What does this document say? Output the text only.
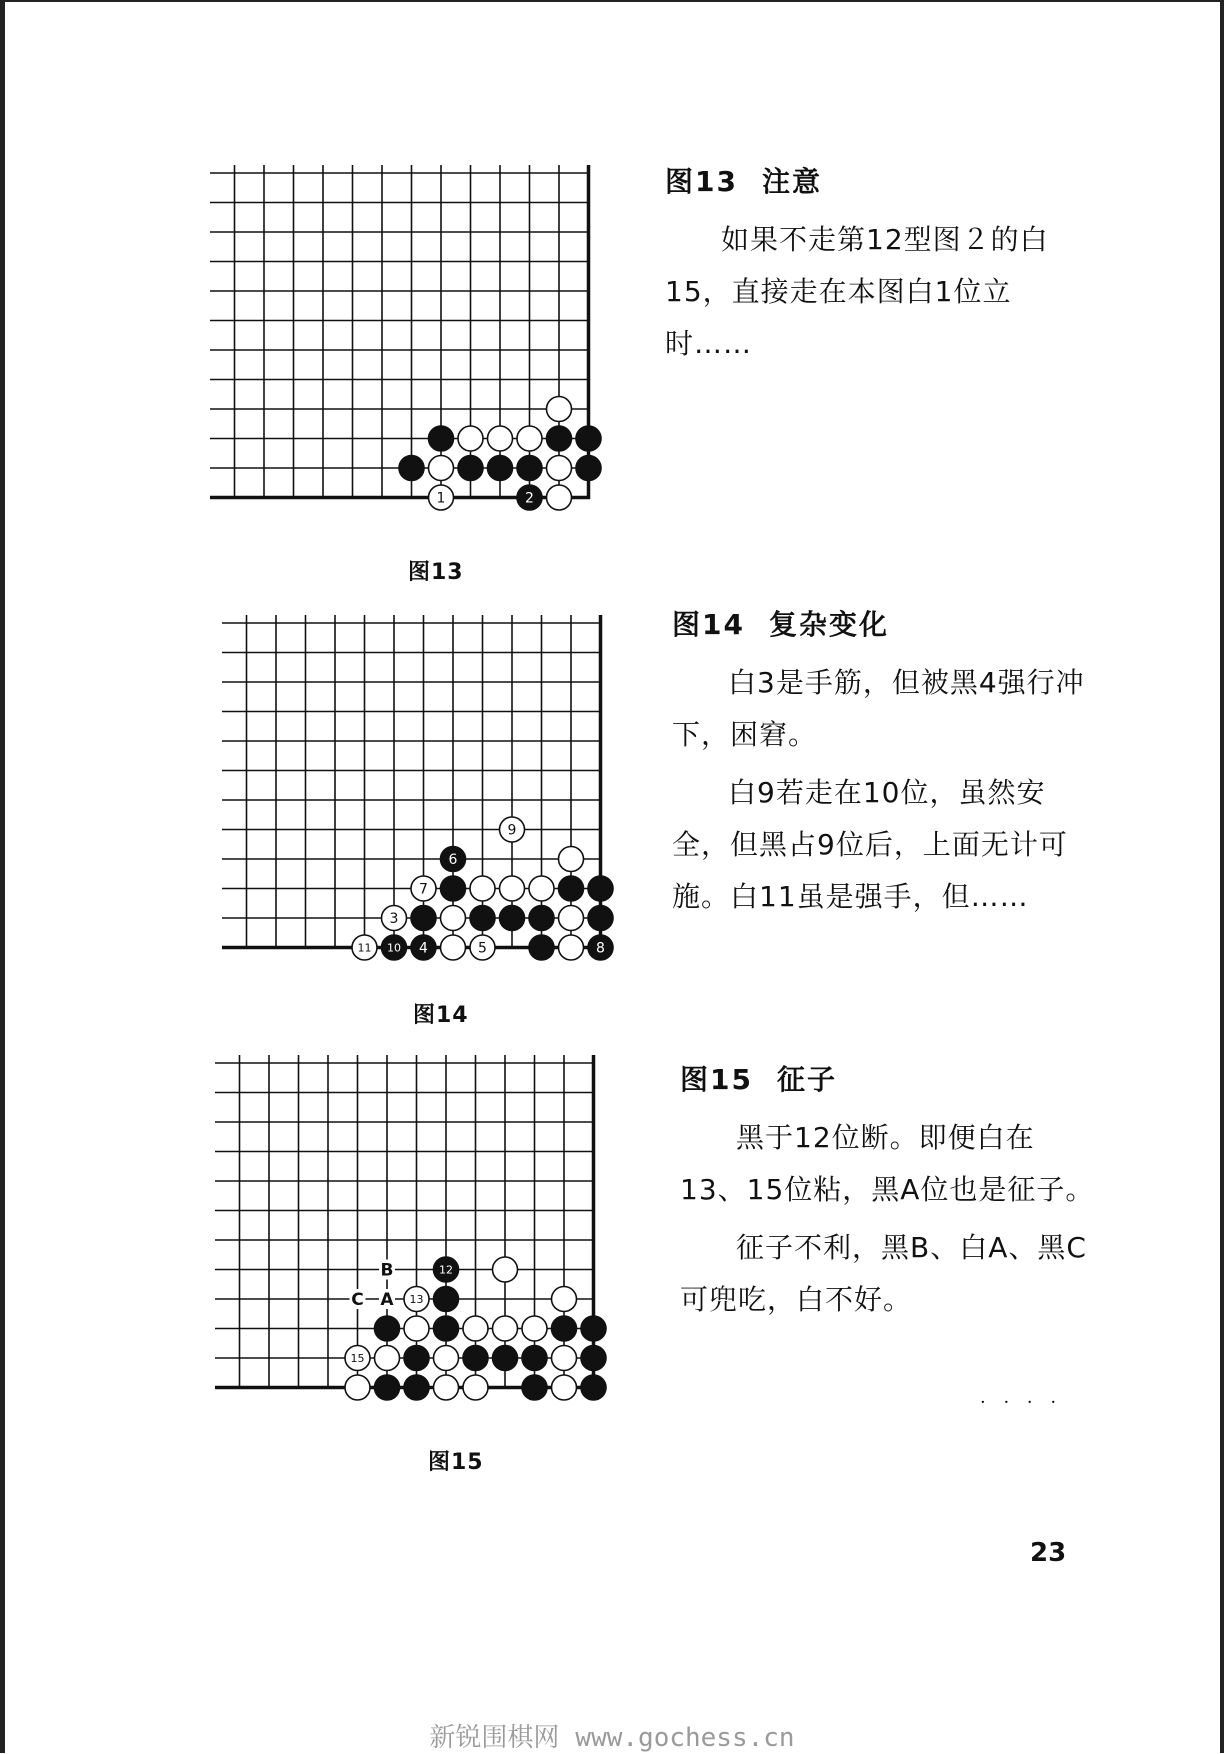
1	2
图13
图13 注意

如果不走第12型图２的白15，直接走在本图白1位立时……

9
6
7
3
11 10 4	5	8
图14
图14 复杂变化

白3是手筋，但被黑4强行冲下，困窘。

白9若走在10位，虽然安全，但黑占9位后，上面无计可施。白11虽是强手，但……

B
A
C
12
13
15
图15
图15 征子

黑于12位断。即便白在13、15位粘，黑A位也是征子。

征子不利，黑B、白A、黑C可兜吃，白不好。

· · · ·
23
新锐围棋网 www.gochess.cn
